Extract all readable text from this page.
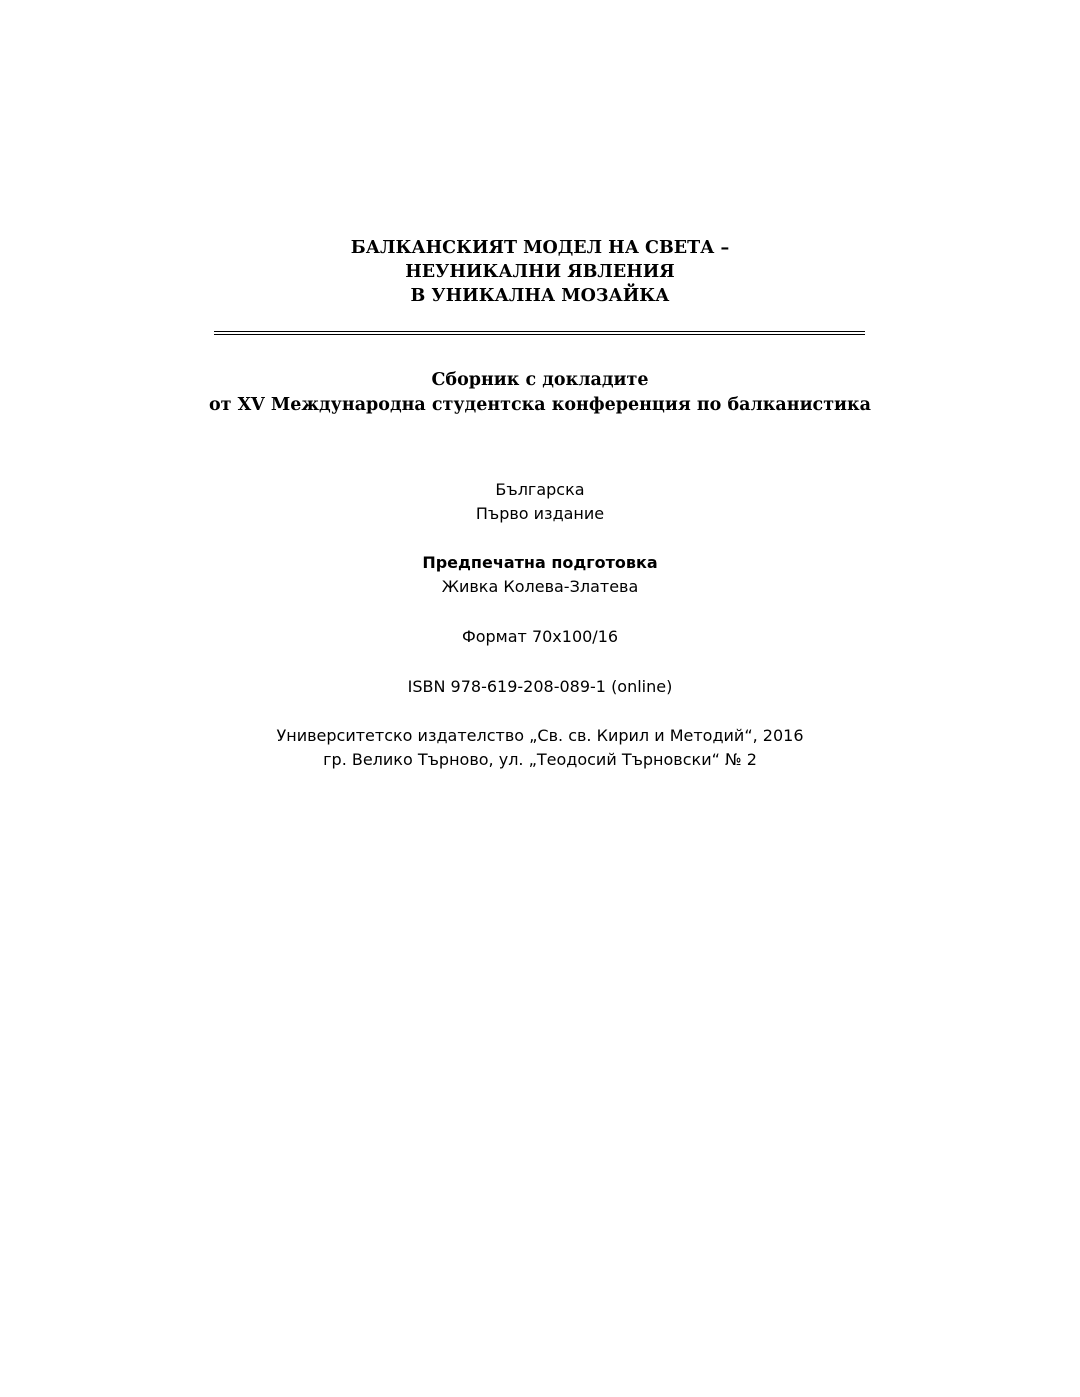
БАЛКАНСКИЯТ МОДЕЛ НА СВЕТА –
НЕУНИКАЛНИ ЯВЛЕНИЯ
В УНИКАЛНА МОЗАЙКА
Сборник с докладите
от XV Международна студентска конференция по балканистика
Българска
Първо издание
Предпечатна подготовка
Живка Колева-Златева
Формат 70х100/16
ISBN 978-619-208-089-1 (online)
Университетско издателство „Св. св. Кирил и Методий“, 2016
гр. Велико Търново, ул. „Теодосий Търновски“ № 2
